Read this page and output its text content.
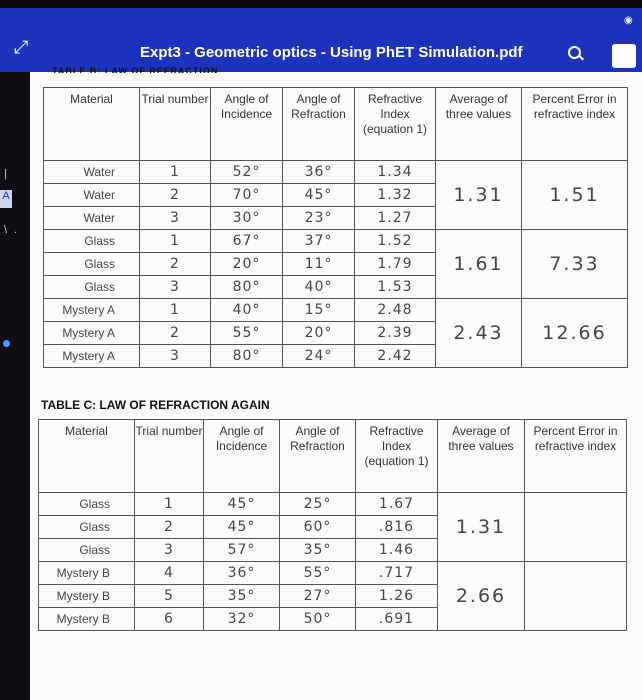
◉
⤢	Expt3 - Geometric optics - Using PhET Simulation.pdf
A
|
\ .
TABLE B: LAW OF REFRACTION
Material	Trial number	Angle of Incidence	Angle of Refraction	Refractive Index (equation 1)	Average of three values	Percent Error in refractive index
Water	1	52°	36°	1.34	1.31	1.51
Water	2	70°	45°	1.32		
Water	3	30°	23°	1.27		
Glass	1	67°	37°	1.52	1.61	7.33
Glass	2	20°	11°	1.79		
Glass	3	80°	40°	1.53		
Mystery A	1	40°	15°	2.48	2.43	12.66
Mystery A	2	55°	20°	2.39		
Mystery A	3	80°	24°	2.42		
TABLE C: LAW OF REFRACTION AGAIN
Material	Trial number	Angle of Incidence	Angle of Refraction	Refractive Index (equation 1)	Average of three values	Percent Error in refractive index
Glass	1	45°	25°	1.67	1.31	
Glass	2	45°	60°	.816		
Glass	3	57°	35°	1.46		
Mystery B	4	36°	55°	.717	2.66	
Mystery B	5	35°	27°	1.26		
Mystery B	6	32°	50°	.691		
